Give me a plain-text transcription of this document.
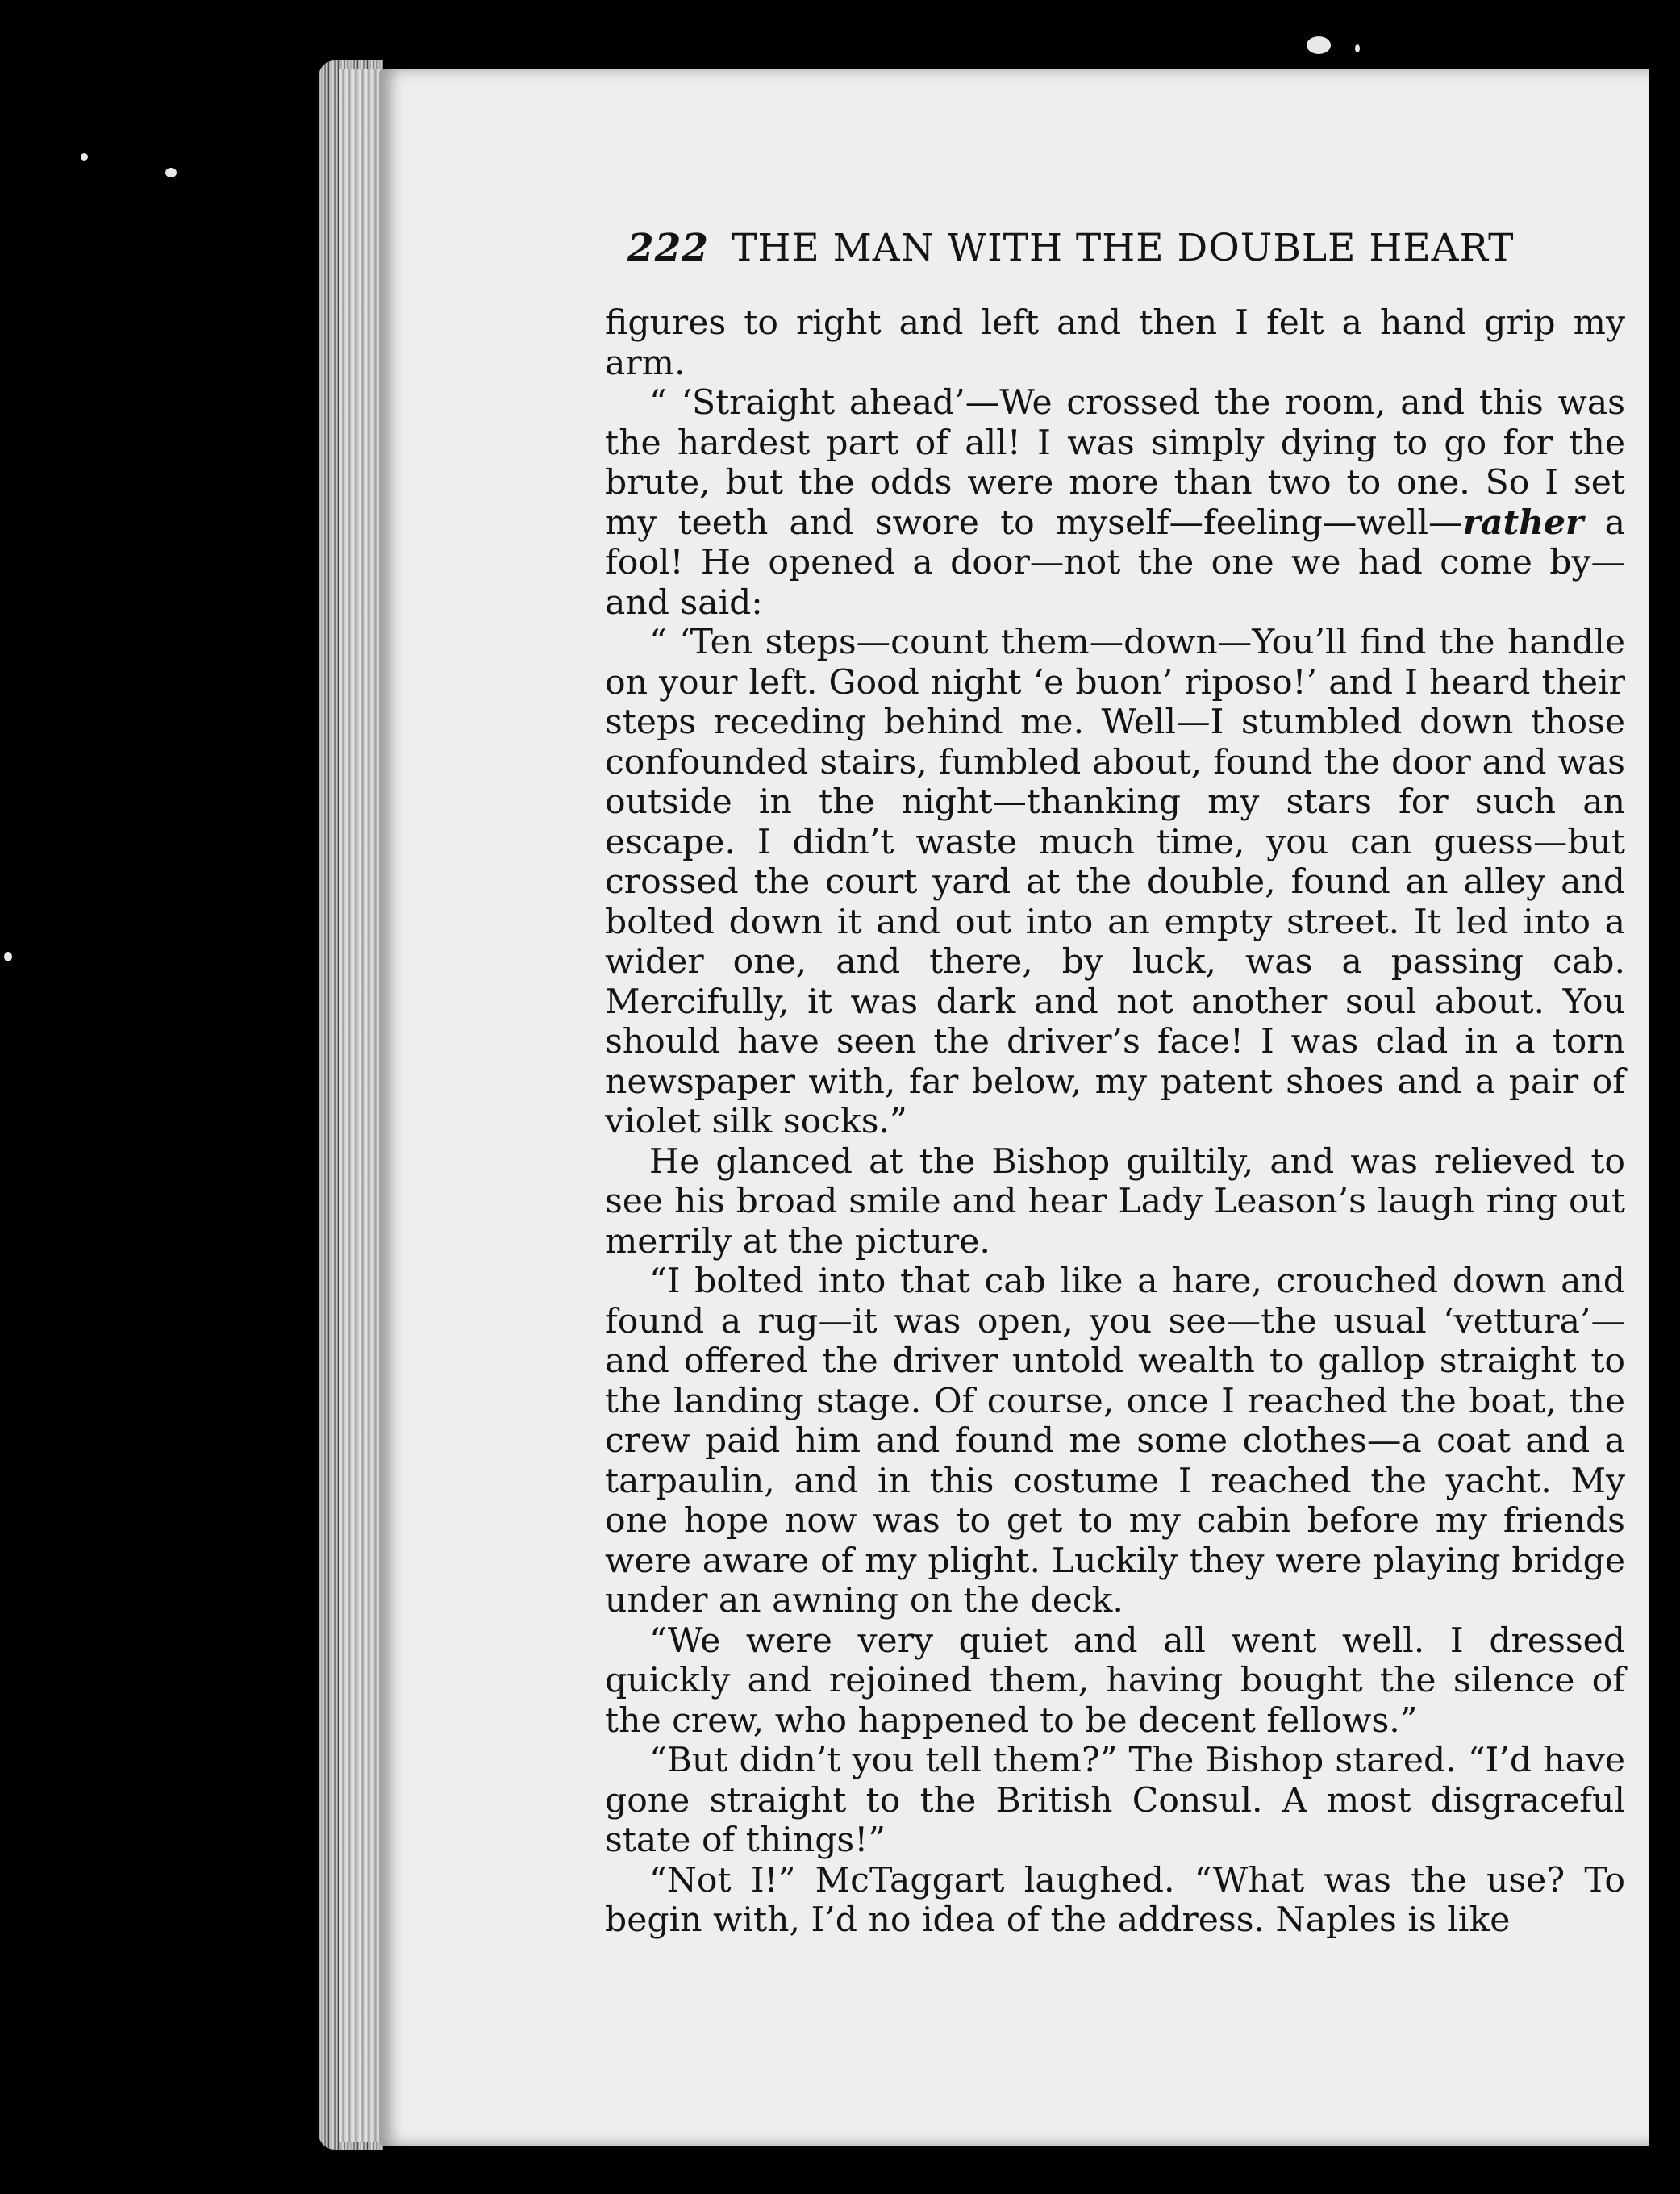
222 THE MAN WITH THE DOUBLE HEART

figures to right and left and then I felt a hand grip my arm.

“ ‘Straight ahead’—We crossed the room, and this was the hardest part of all! I was simply dying to go for the brute, but the odds were more than two to one. So I set my teeth and swore to myself—feeling—well—rather a fool! He opened a door—not the one we had come by—and said:

“ ‘Ten steps—count them—down—You’ll find the handle on your left. Good night ‘e buon’ riposo!’ and I heard their steps receding behind me. Well—I stumbled down those confounded stairs, fumbled about, found the door and was outside in the night—thanking my stars for such an escape. I didn’t waste much time, you can guess—but crossed the court yard at the double, found an alley and bolted down it and out into an empty street. It led into a wider one, and there, by luck, was a passing cab. Mercifully, it was dark and not another soul about. You should have seen the driver’s face! I was clad in a torn newspaper with, far below, my patent shoes and a pair of violet silk socks.”

He glanced at the Bishop guiltily, and was relieved to see his broad smile and hear Lady Leason’s laugh ring out merrily at the picture.

“I bolted into that cab like a hare, crouched down and found a rug—it was open, you see—the usual ‘vettura’—and offered the driver untold wealth to gallop straight to the landing stage. Of course, once I reached the boat, the crew paid him and found me some clothes—a coat and a tarpaulin, and in this costume I reached the yacht. My one hope now was to get to my cabin before my friends were aware of my plight. Luckily they were playing bridge under an awning on the deck.

“We were very quiet and all went well. I dressed quickly and rejoined them, having bought the silence of the crew, who happened to be decent fellows.”

“But didn’t you tell them?” The Bishop stared. “I’d have gone straight to the British Consul. A most disgraceful state of things!”

“Not I!” McTaggart laughed. “What was the use? To begin with, I’d no idea of the address. Naples is like
